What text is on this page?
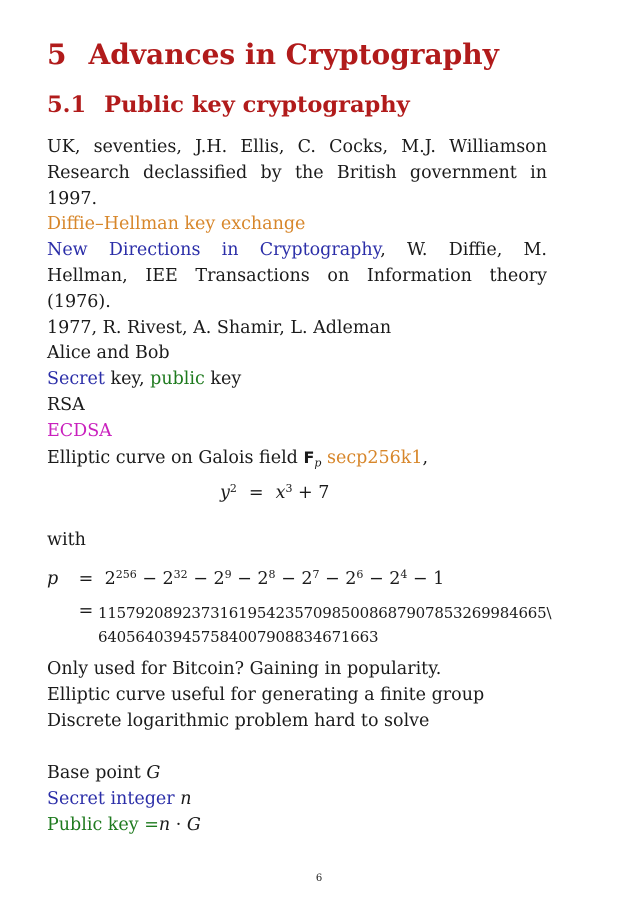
5 Advances in Cryptography
5.1 Public key cryptography
UK, seventies, J.H. Ellis, C. Cocks, M.J. Williamson
Research declassified by the British government in
1997.
Diffie–Hellman key exchange
New Directions in Cryptography, W. Diffie, M.
Hellman, IEE Transactions on Information theory
(1976).
1977, R. Rivest, A. Shamir, L. Adleman
Alice and Bob
Secret key, public key
RSA
ECDSA
Elliptic curve on Galois field $F_p$ secp256k1,
$y^2 = x^3 + 7$
with
$p = 2^{256} - 2^{32} - 2^9 - 2^8 - 2^7 - 2^6 - 2^4 - 1$
= 115792089237316195423570985008687907853269984665\
640564039457584007908834671663
Only used for Bitcoin? Gaining in popularity.
Elliptic curve useful for generating a finite group
Discrete logarithmic problem hard to solve
Base point G
Secret integer n
Public key =n · G
6
